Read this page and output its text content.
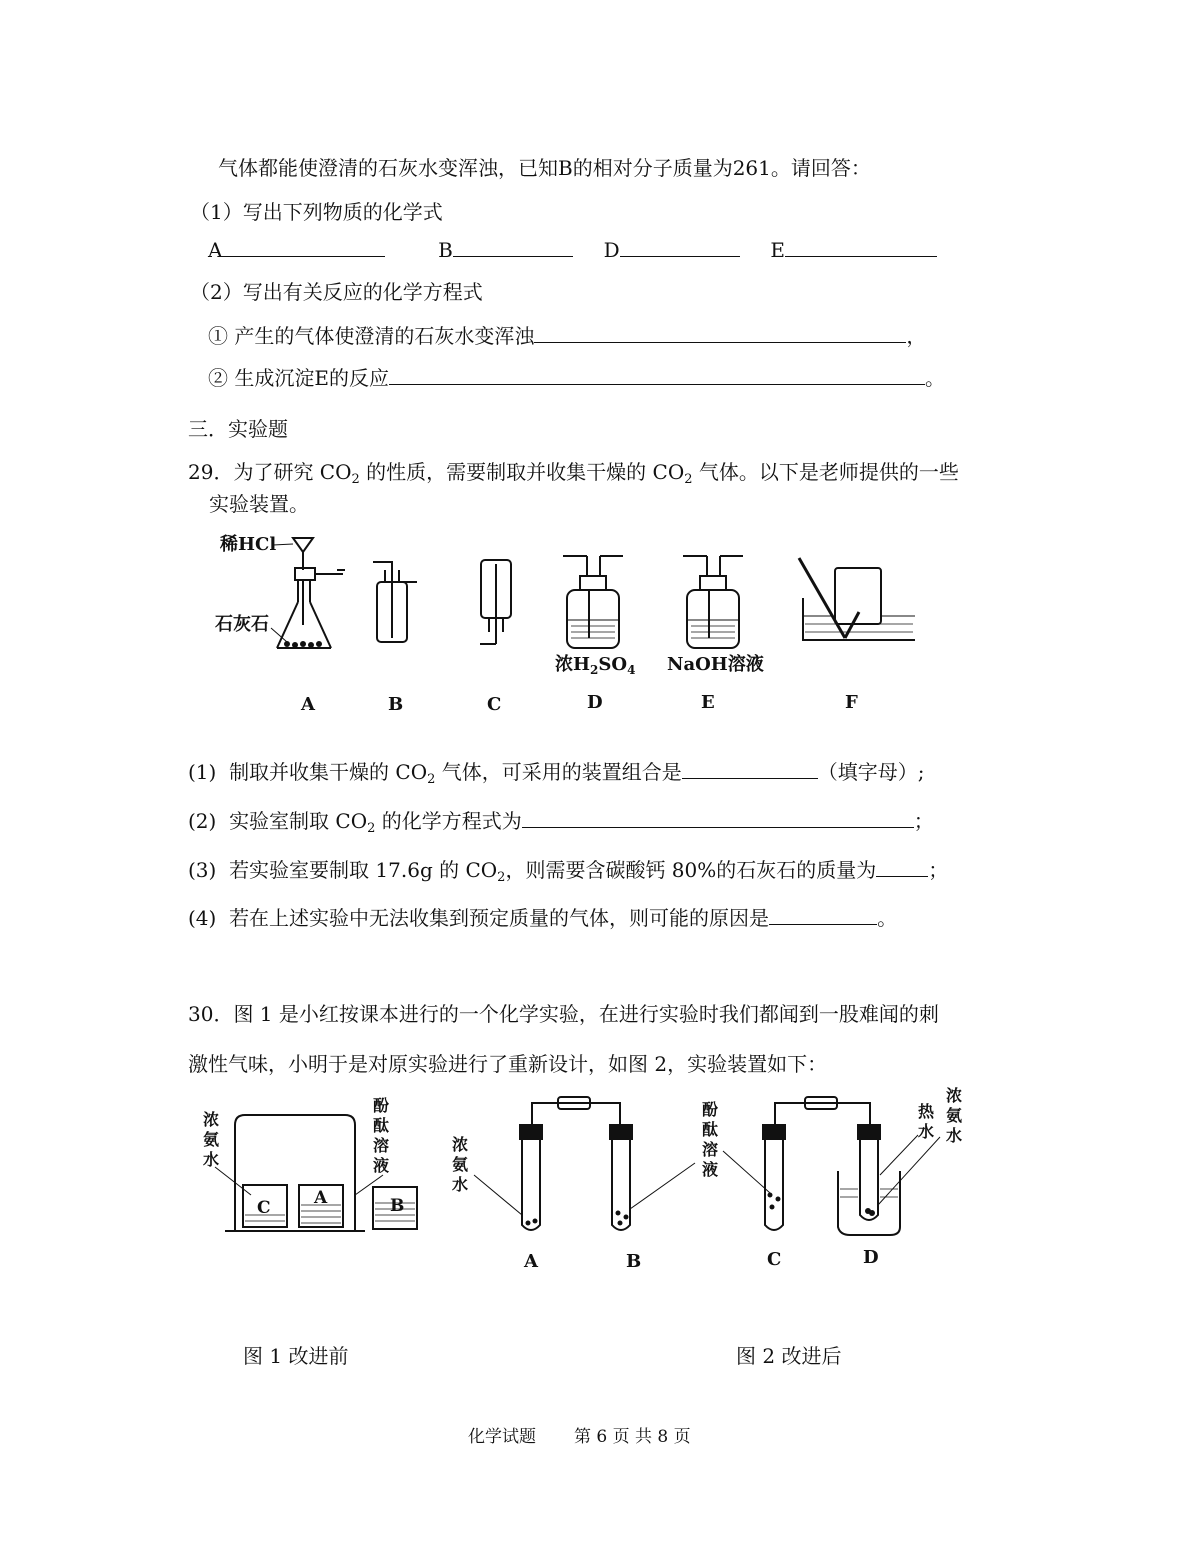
气体都能使澄清的石灰水变浑浊，已知B的相对分子质量为261。请回答：
（1）写出下列物质的化学式
A	B	D	E
（2）写出有关反应的化学方程式
① 产生的气体使澄清的石灰水变浑浊	，
② 生成沉淀E的反应	。
三．实验题
29．为了研究 $CO_2$ 的性质，需要制取并收集干燥的 $CO_2$ 气体。以下是老师提供的一些
实验装置。
稀HCl
石灰石
浓$H_2SO_4$ NaOH溶液
A	B	C	D	E	F
(1) 制取并收集干燥的 $CO_2$ 气体，可采用的装置组合是	（填字母）;
(2) 实验室制取 $CO_2$ 的化学方程式为	；
(3) 若实验室要制取 17.6g 的 $CO_2$，则需要含碳酸钙 80%的石灰石的质量为	；
(4) 若在上述实验中无法收集到预定质量的气体，则可能的原因是	。
30．图 1 是小红按课本进行的一个化学实验，在进行实验时我们都闻到一股难闻的刺
激性气味，小明于是对原实验进行了重新设计，如图 2，实验装置如下：
C	A	B
浓
氨
水
酚
酞
溶
液
浓
氨
水
酚
酞
溶
液
热
水
浓
氨
水
A	B	C	D
图 1 改进前	图 2 改进后
化学试题 第 6 页 共 8 页
